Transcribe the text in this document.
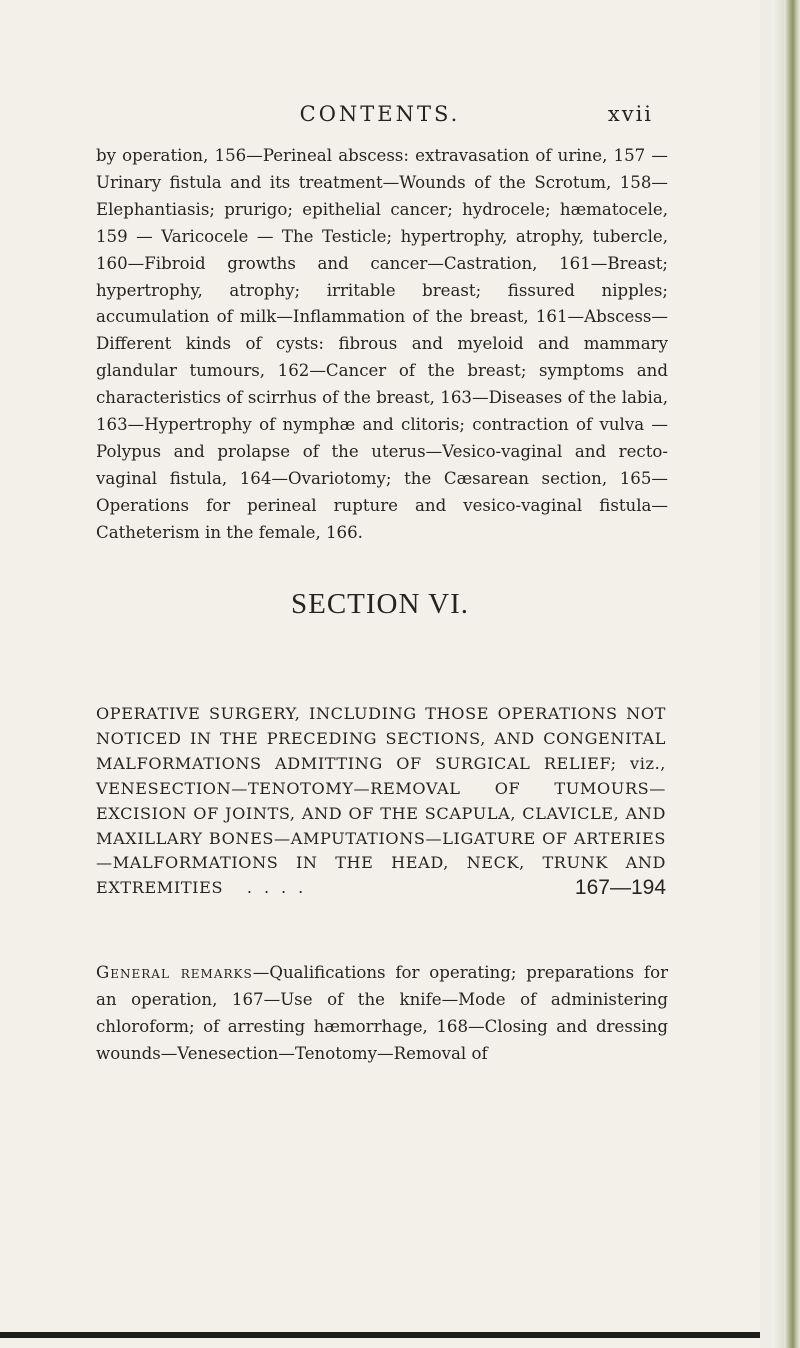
CONTENTS.	xvii

by operation, 156—Perineal abscess: extravasation of urine, 157 —Urinary fistula and its treatment—Wounds of the Scrotum, 158—Elephantiasis; prurigo; epithelial cancer; hydrocele; hæmatocele, 159 — Varicocele — The Testicle; hypertrophy, atrophy, tubercle, 160—Fibroid growths and cancer—Castration, 161—Breast; hypertrophy, atrophy; irritable breast; fissured nipples; accumulation of milk—Inflammation of the breast, 161—Abscess—Different kinds of cysts: fibrous and myeloid and mammary glandular tumours, 162—Cancer of the breast; symptoms and characteristics of scirrhus of the breast, 163—Diseases of the labia, 163—Hypertrophy of nymphæ and clitoris; contraction of vulva — Polypus and prolapse of the uterus—Vesico-vaginal and recto-vaginal fistula, 164—Ovariotomy; the Cæsarean section, 165—Operations for perineal rupture and vesico-vaginal fistula—Catheterism in the female, 166.

SECTION VI.
OPERATIVE SURGERY, INCLUDING THOSE OPERATIONS NOT NOTICED IN THE PRECEDING SECTIONS, AND CONGENITAL MALFORMATIONS ADMITTING OF SURGICAL RELIEF; viz., VENESECTION—TENOTOMY—REMOVAL OF TUMOURS—EXCISION OF JOINTS, AND OF THE SCAPULA, CLAVICLE, AND MAXILLARY BONES—AMPUTATIONS—LIGATURE OF ARTERIES—MALFORMATIONS IN THE HEAD, NECK, TRUNK AND EXTREMITIES ....	167—194

General remarks—Qualifications for operating; preparations for an operation, 167—Use of the knife—Mode of administering chloroform; of arresting hæmorrhage, 168—Closing and dressing wounds—Venesection—Tenotomy—Removal of
